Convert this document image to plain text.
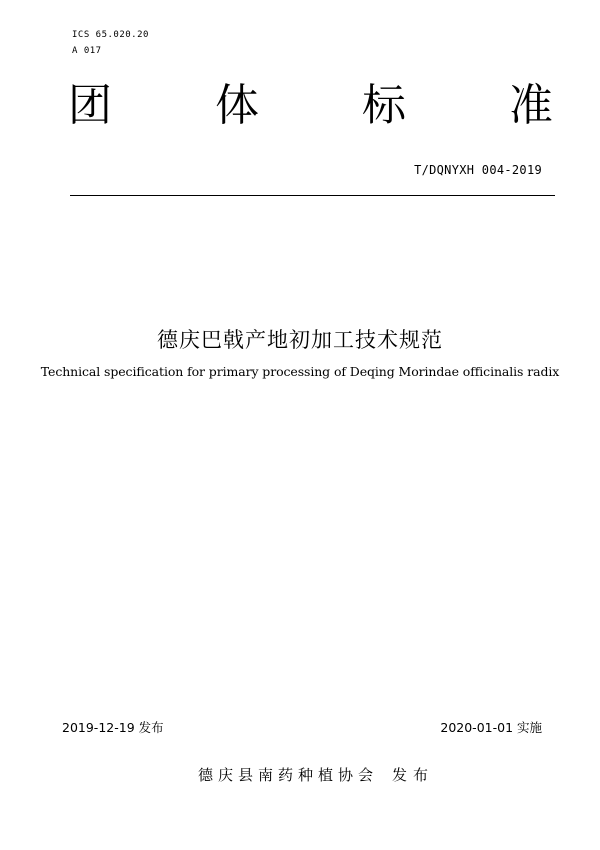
ICS 65.020.20
A 017
团 体 标 准
T/DQNYXH 004-2019
德庆巴戟产地初加工技术规范
Technical specification for primary processing of Deqing Morindae officinalis radix
2019-12-19 发布	2020-01-01 实施
德庆县南药种植协会 发布
